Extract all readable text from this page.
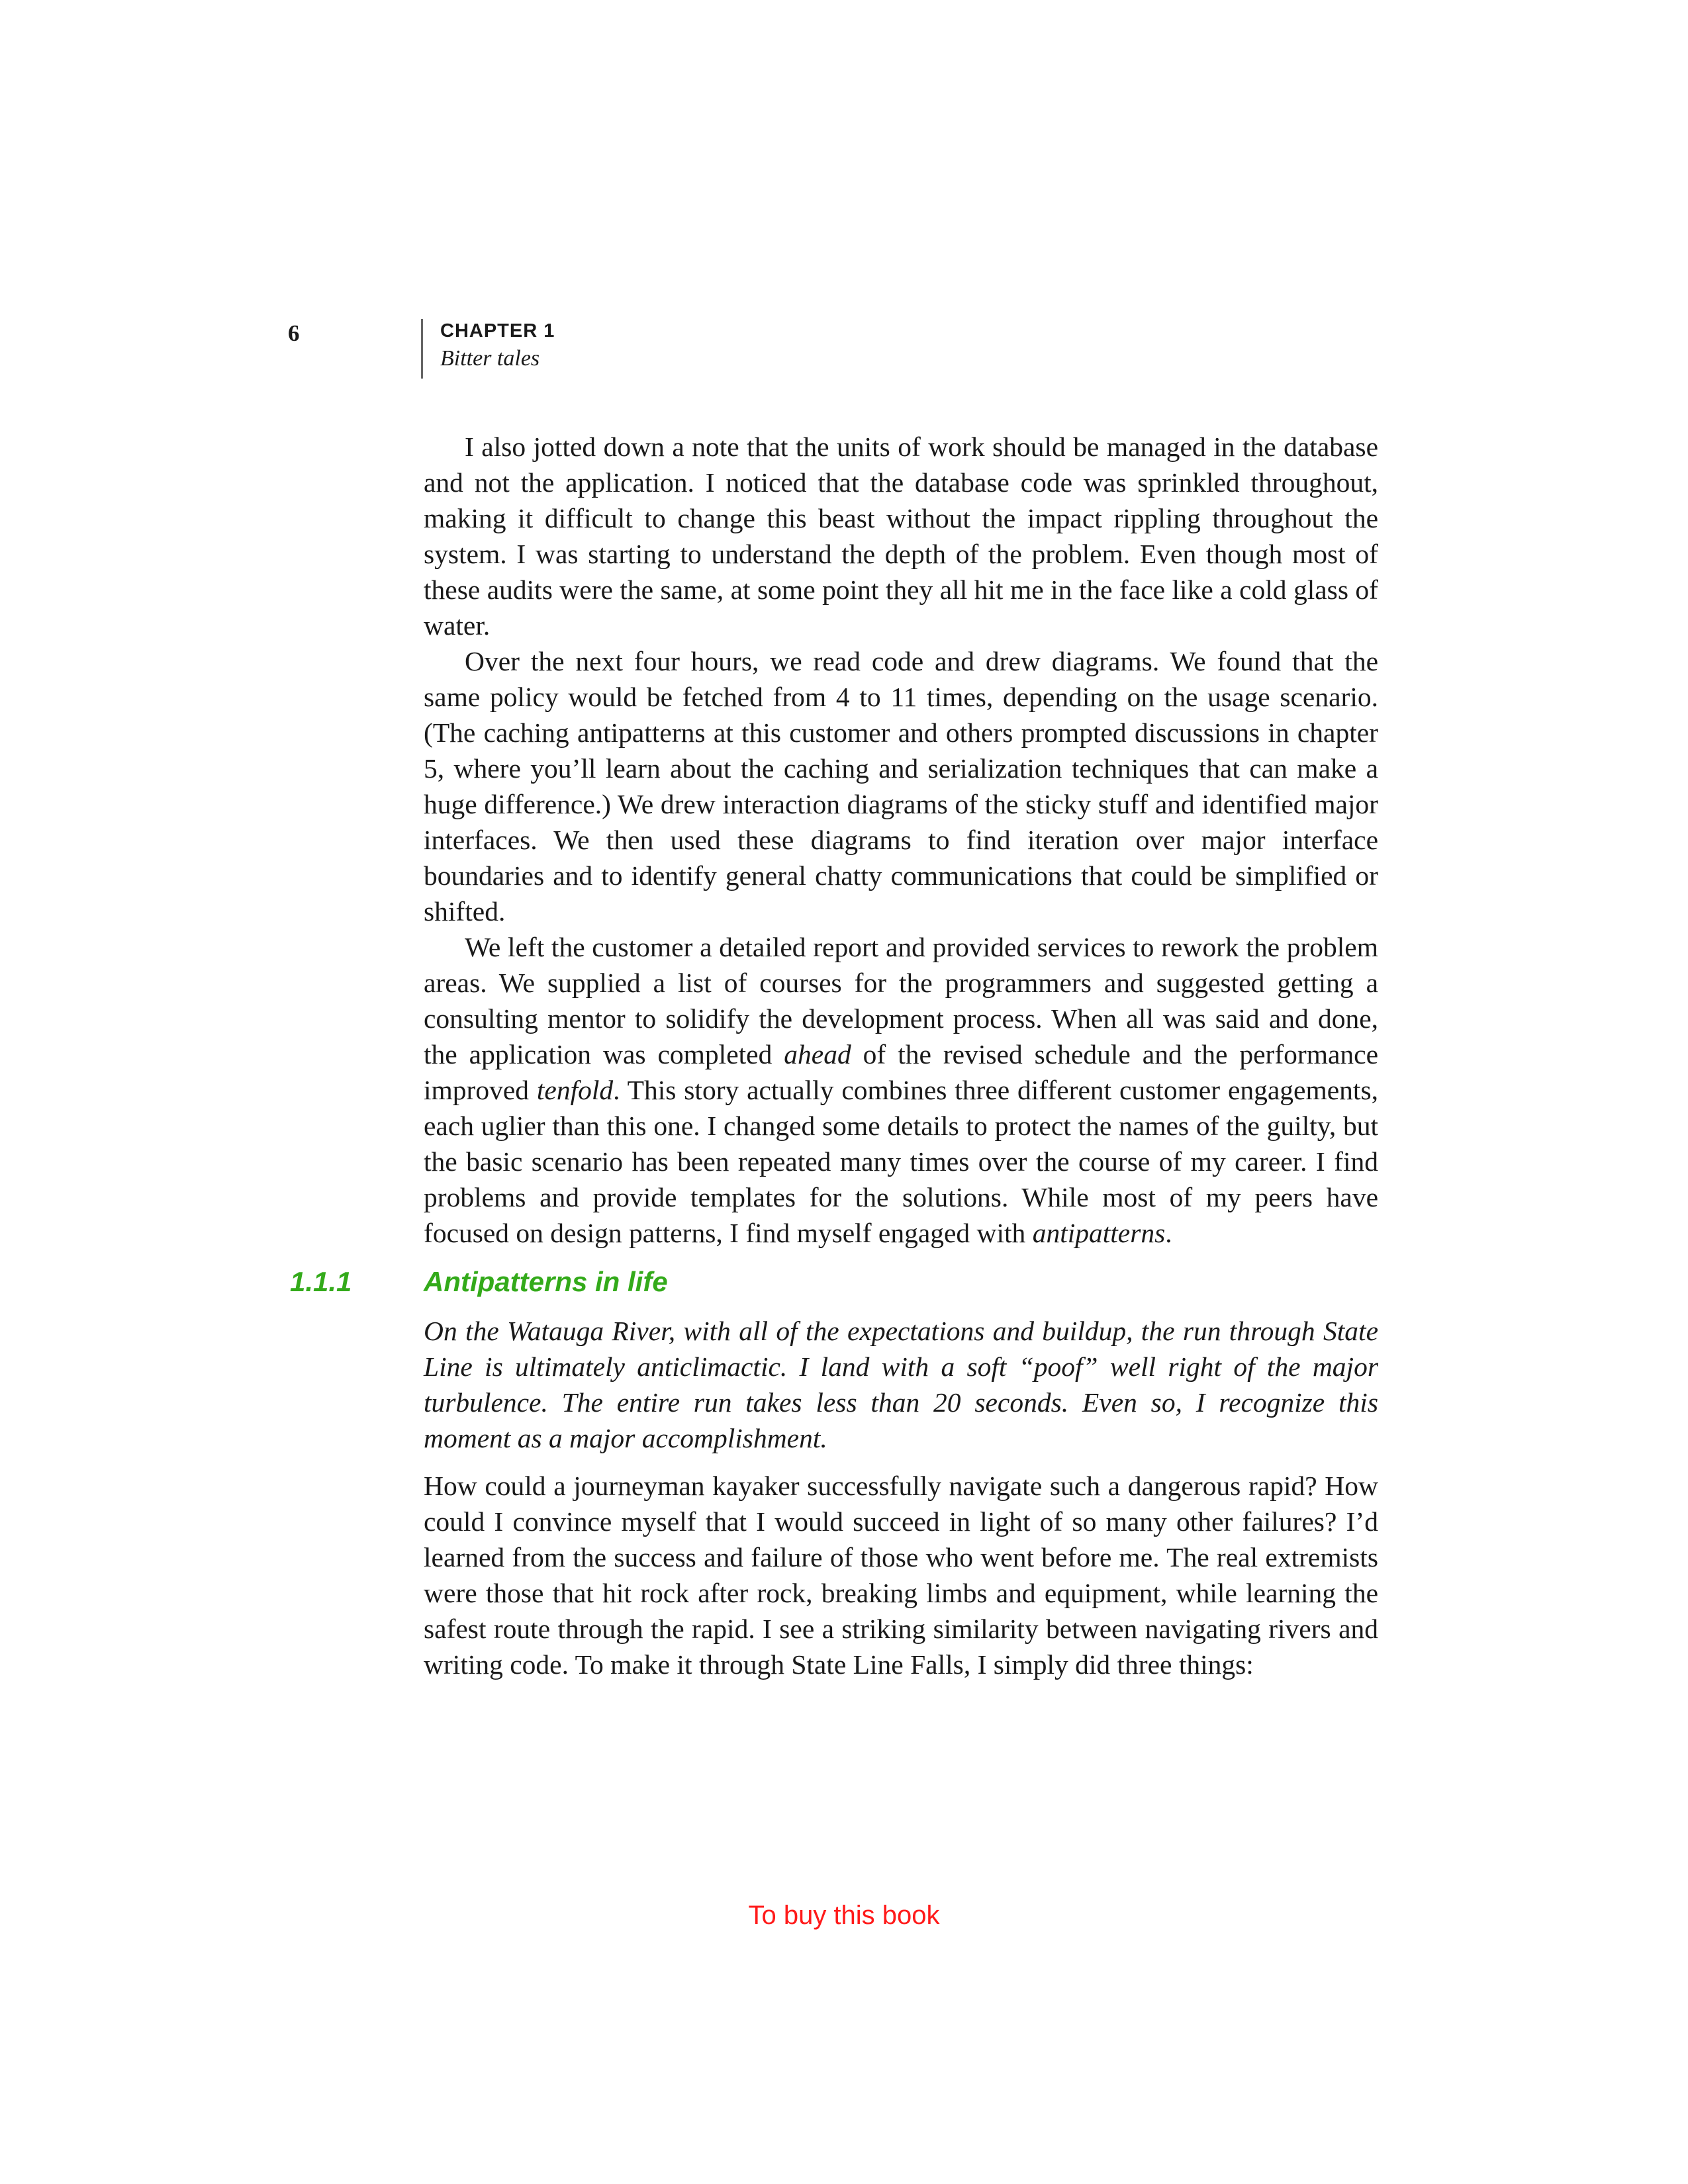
6	CHAPTER 1
Bitter tales

I also jotted down a note that the units of work should be managed in the database and not the application. I noticed that the database code was sprinkled throughout, making it difficult to change this beast without the impact rippling throughout the system. I was starting to understand the depth of the problem. Even though most of these audits were the same, at some point they all hit me in the face like a cold glass of water.

Over the next four hours, we read code and drew diagrams. We found that the same policy would be fetched from 4 to 11 times, depending on the usage scenario. (The caching antipatterns at this customer and others prompted discussions in chapter 5, where you’ll learn about the caching and serialization techniques that can make a huge difference.) We drew interaction diagrams of the sticky stuff and identified major interfaces. We then used these diagrams to find iteration over major interface boundaries and to identify general chatty communications that could be simplified or shifted.

We left the customer a detailed report and provided services to rework the problem areas. We supplied a list of courses for the programmers and suggested getting a consulting mentor to solidify the development process. When all was said and done, the application was completed ahead of the revised schedule and the performance improved tenfold. This story actually combines three different customer engagements, each uglier than this one. I changed some details to protect the names of the guilty, but the basic scenario has been repeated many times over the course of my career. I find problems and provide templates for the solutions. While most of my peers have focused on design patterns, I find myself engaged with antipatterns.

1.1.1	Antipatterns in life

On the Watauga River, with all of the expectations and buildup, the run through State Line is ultimately anticlimactic. I land with a soft “poof” well right of the major turbulence. The entire run takes less than 20 seconds. Even so, I recognize this moment as a major accomplishment.

How could a journeyman kayaker successfully navigate such a dangerous rapid? How could I convince myself that I would succeed in light of so many other failures? I’d learned from the success and failure of those who went before me. The real extremists were those that hit rock after rock, breaking limbs and equipment, while learning the safest route through the rapid. I see a striking similarity between navigating rivers and writing code. To make it through State Line Falls, I simply did three things:

To buy this book
